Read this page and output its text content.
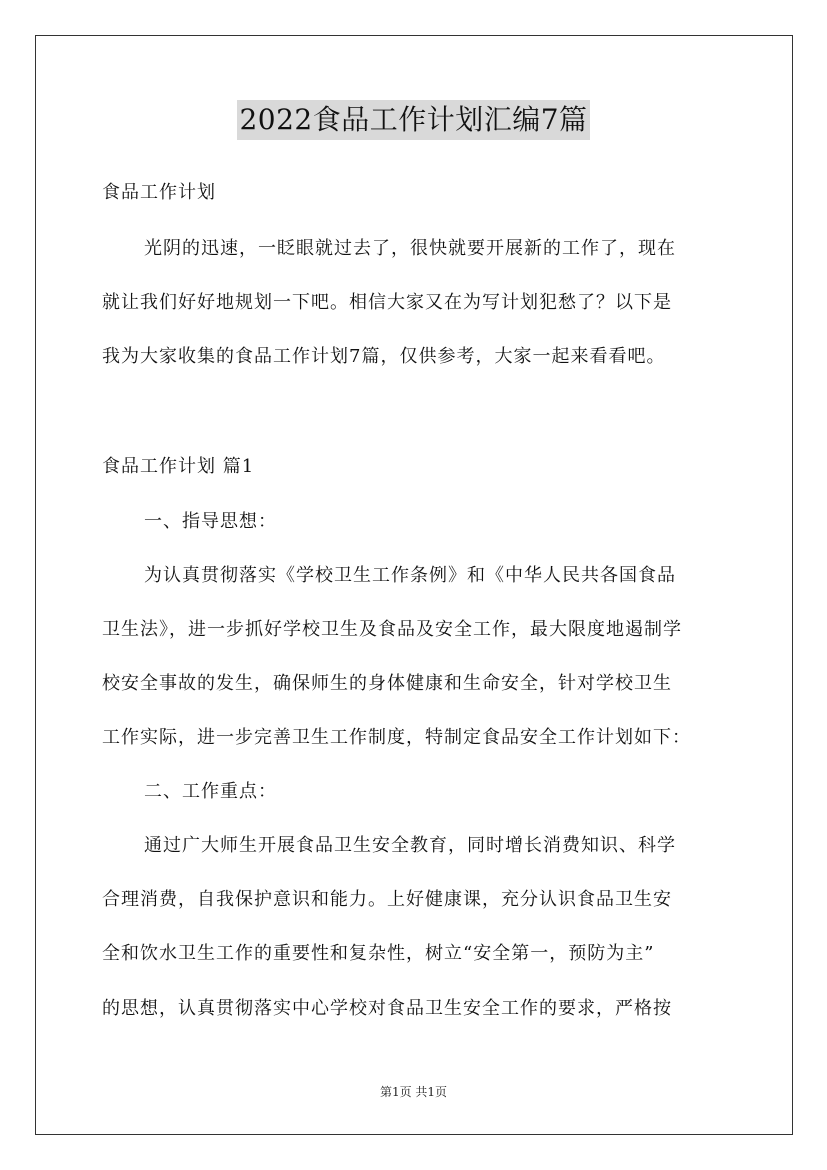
2022食品工作计划汇编7篇
食品工作计划
光阴的迅速，一眨眼就过去了，很快就要开展新的工作了，现在
就让我们好好地规划一下吧。相信大家又在为写计划犯愁了？以下是
我为大家收集的食品工作计划7篇，仅供参考，大家一起来看看吧。
食品工作计划 篇1
一、指导思想：
为认真贯彻落实《学校卫生工作条例》和《中华人民共各国食品
卫生法》，进一步抓好学校卫生及食品及安全工作，最大限度地遏制学
校安全事故的发生，确保师生的身体健康和生命安全，针对学校卫生
工作实际，进一步完善卫生工作制度，特制定食品安全工作计划如下：
二、工作重点：
通过广大师生开展食品卫生安全教育，同时增长消费知识、科学
合理消费，自我保护意识和能力。上好健康课，充分认识食品卫生安
全和饮水卫生工作的重要性和复杂性，树立“安全第一，预防为主”
的思想，认真贯彻落实中心学校对食品卫生安全工作的要求，严格按
第1页 共1页
